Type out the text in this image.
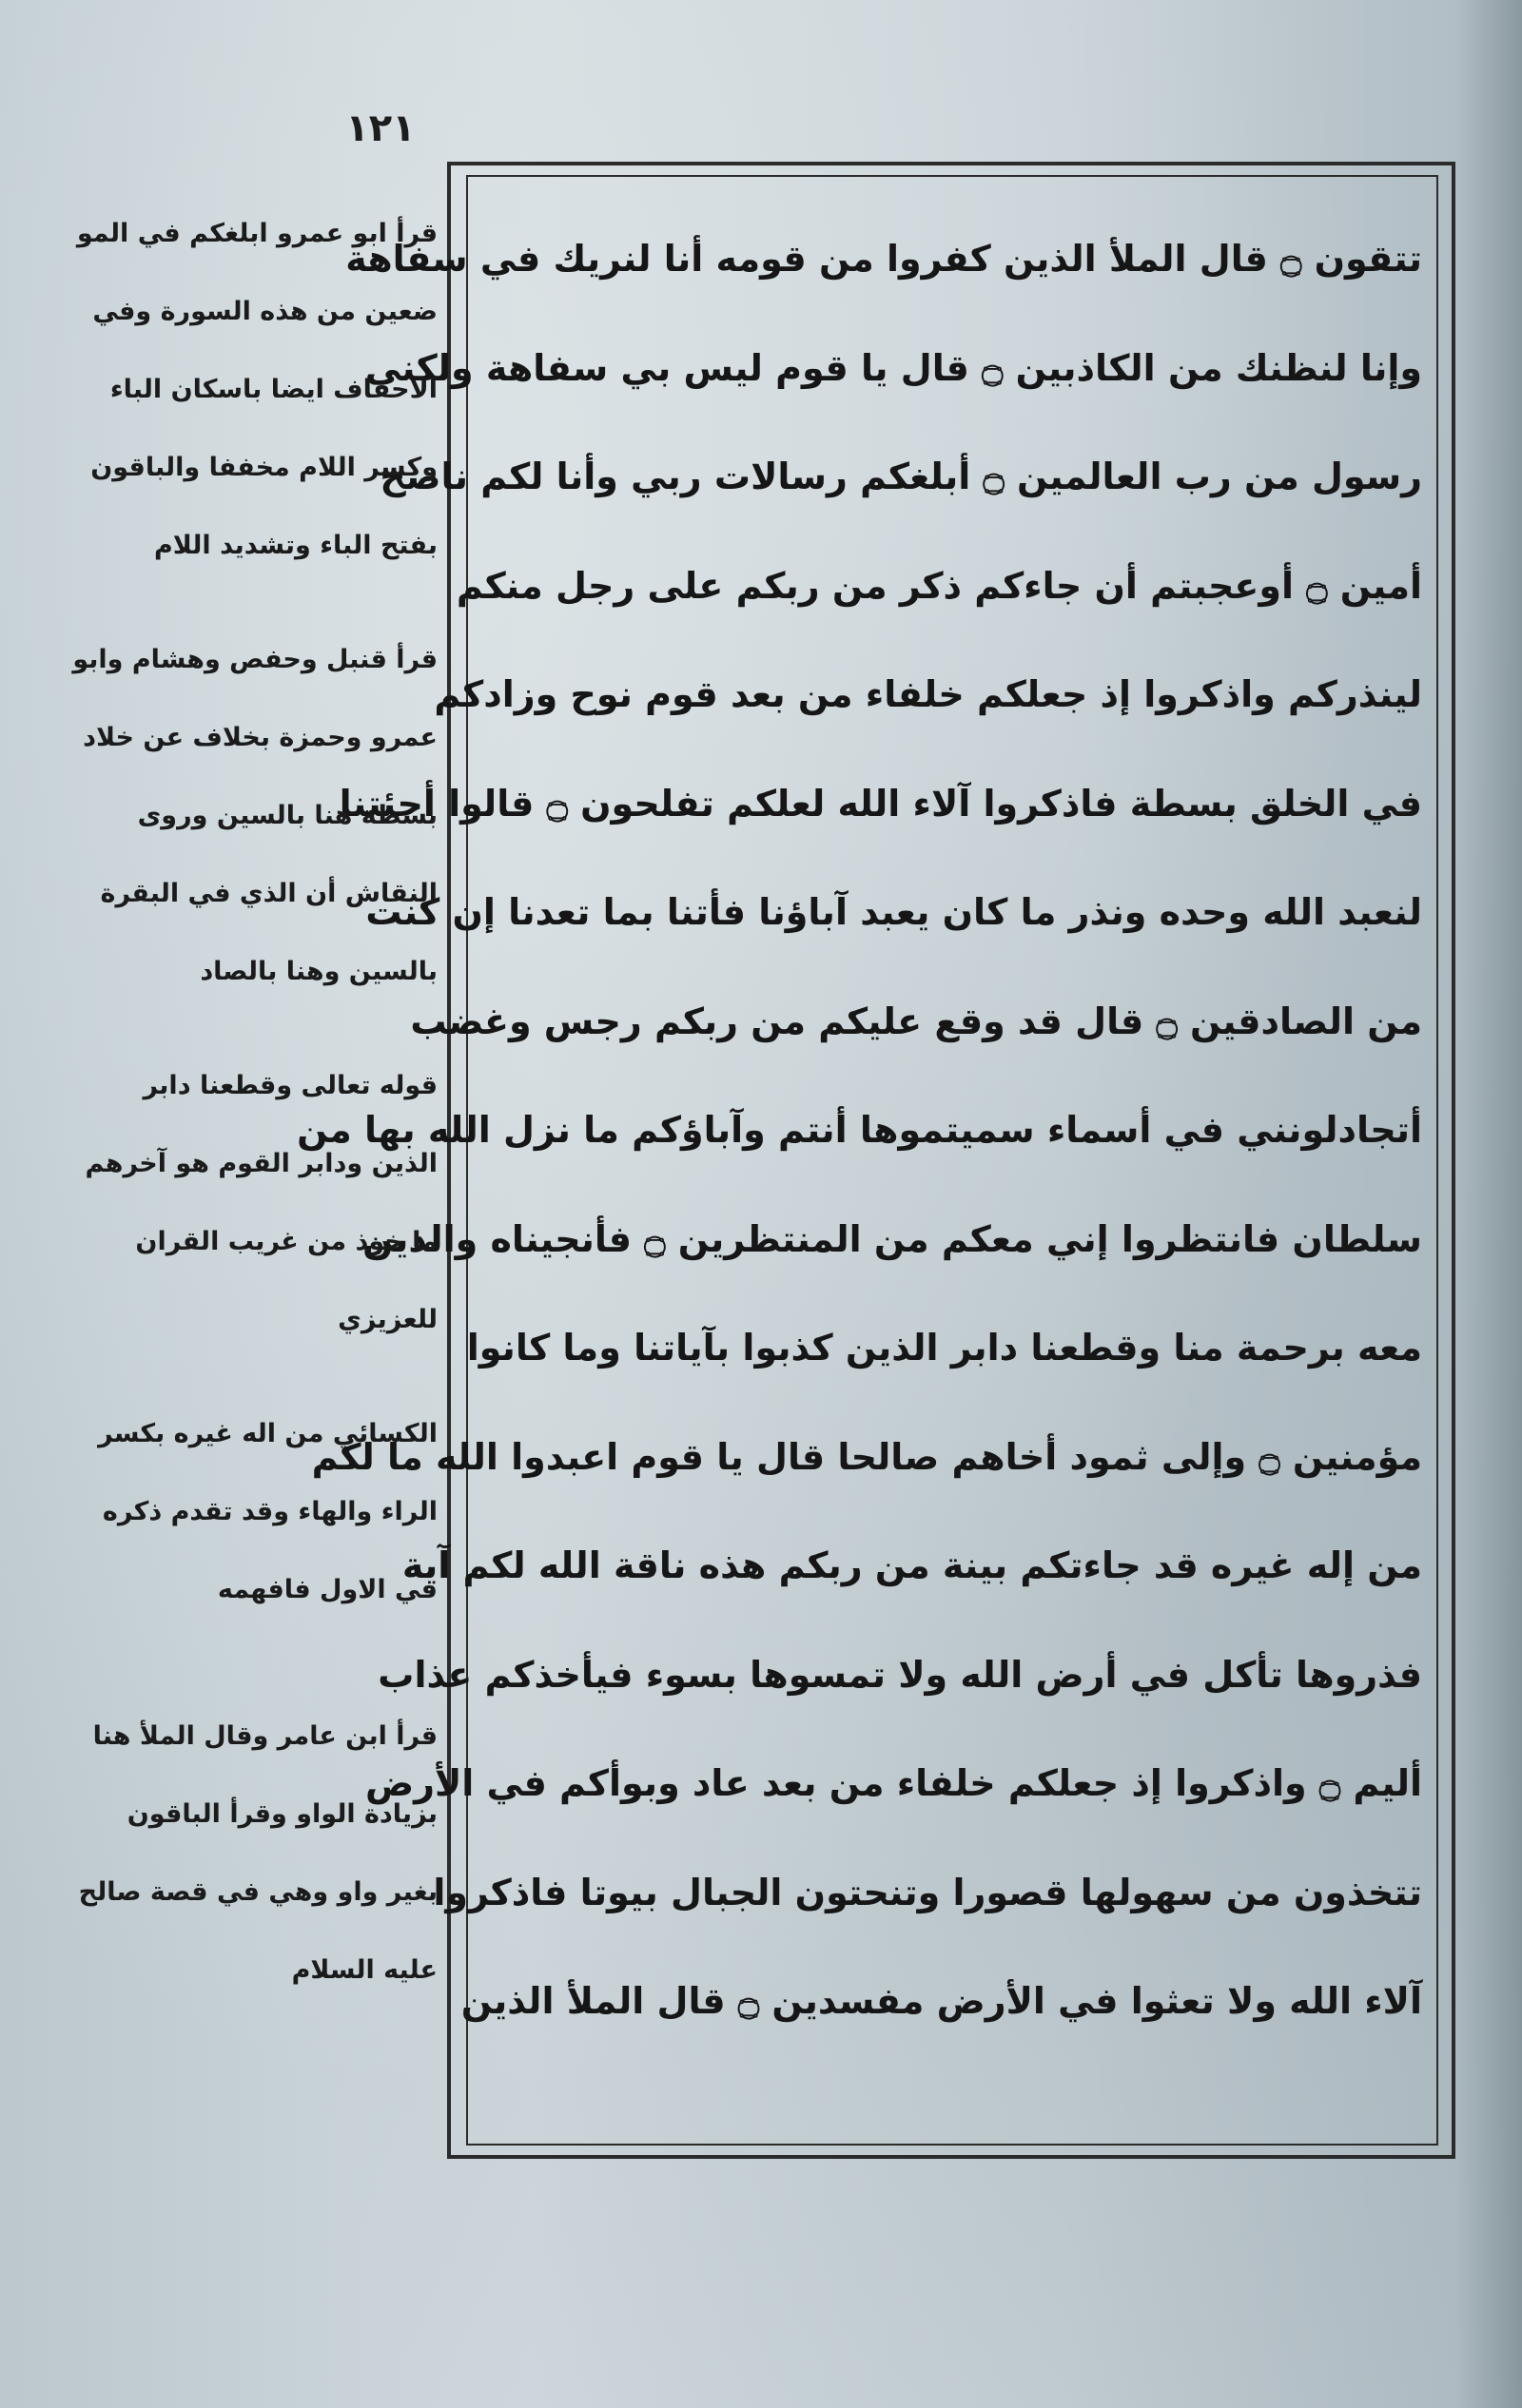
١٢١
تتقون ۝ قال الملأ الذين كفروا من قومه أنا لنريك في سفاهة
وإنا لنظنك من الكاذبين ۝ قال يا قوم ليس بي سفاهة ولكني
رسول من رب العالمين ۝ أبلغكم رسالات ربي وأنا لكم ناصح
أمين ۝ أوعجبتم أن جاءكم ذكر من ربكم على رجل منكم
لينذركم واذكروا إذ جعلكم خلفاء من بعد قوم نوح وزادكم
في الخلق بسطة فاذكروا آلاء الله لعلكم تفلحون ۝ قالوا أجئتنا
لنعبد الله وحده ونذر ما كان يعبد آباؤنا فأتنا بما تعدنا إن كنت
من الصادقين ۝ قال قد وقع عليكم من ربكم رجس وغضب
أتجادلونني في أسماء سميتموها أنتم وآباؤكم ما نزل الله بها من
سلطان فانتظروا إني معكم من المنتظرين ۝ فأنجيناه والذين
معه برحمة منا وقطعنا دابر الذين كذبوا بآياتنا وما كانوا
مؤمنين ۝ وإلى ثمود أخاهم صالحا قال يا قوم اعبدوا الله ما لكم
من إله غيره قد جاءتكم بينة من ربكم هذه ناقة الله لكم آية
فذروها تأكل في أرض الله ولا تمسوها بسوء فيأخذكم عذاب
أليم ۝ واذكروا إذ جعلكم خلفاء من بعد عاد وبوأكم في الأرض
تتخذون من سهولها قصورا وتنحتون الجبال بيوتا فاذكروا
آلاء الله ولا تعثوا في الأرض مفسدين ۝ قال الملأ الذين
قرأ ابو عمرو ابلغكم في المو
ضعين من هذه السورة وفي
الاحقاف ايضا باسكان الباء
وكسر اللام مخففا والباقون
بفتح الباء وتشديد اللام
قرأ قنبل وحفص وهشام وابو
عمرو وحمزة بخلاف عن خلاد
بسطة هنا بالسين وروى
النقاش أن الذي في البقرة
بالسين وهنا بالصاد
قوله تعالى وقطعنا دابر
الذين ودابر القوم هو آخرهم
ما خوذ من غريب القران
للعزيزي
الكسائي من اله غيره بكسر
الراء والهاء وقد تقدم ذكره
في الاول فافهمه
قرأ ابن عامر وقال الملأ هنا
بزيادة الواو وقرأ الباقون
بغير واو وهي في قصة صالح
عليه السلام
